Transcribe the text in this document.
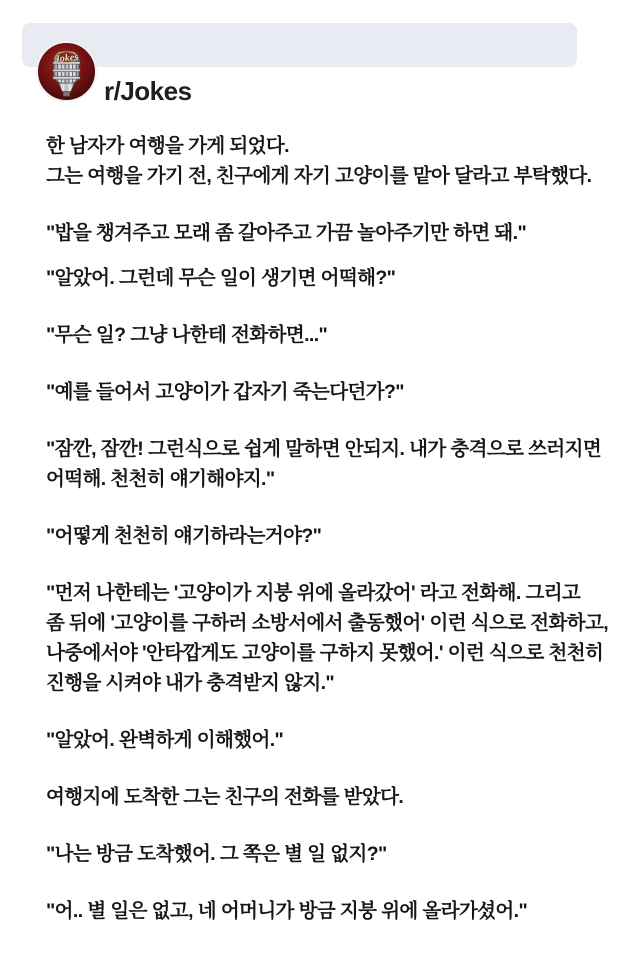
Jokes
r/Jokes

한 남자가 여행을 가게 되었다.
그는 여행을 가기 전, 친구에게 자기 고양이를 맡아 달라고 부탁했다.

"밥을 챙겨주고 모래 좀 갈아주고 가끔 놀아주기만 하면 돼."

"알았어. 그런데 무슨 일이 생기면 어떡해?"

"무슨 일? 그냥 나한테 전화하면..."

"예를 들어서 고양이가 갑자기 죽는다던가?"

"잠깐, 잠깐! 그런식으로 쉽게 말하면 안되지. 내가 충격으로 쓰러지면
어떡해. 천천히 얘기해야지."

"어떻게 천천히 얘기하라는거야?"

"먼저 나한테는 '고양이가 지붕 위에 올라갔어' 라고 전화해. 그리고
좀 뒤에 '고양이를 구하러 소방서에서 출동했어' 이런 식으로 전화하고,
나중에서야 '안타깝게도 고양이를 구하지 못했어.' 이런 식으로 천천히
진행을 시켜야 내가 충격받지 않지."

"알았어. 완벽하게 이해했어."

여행지에 도착한 그는 친구의 전화를 받았다.

"나는 방금 도착했어. 그 쪽은 별 일 없지?"

"어.. 별 일은 없고, 네 어머니가 방금 지붕 위에 올라가셨어."
